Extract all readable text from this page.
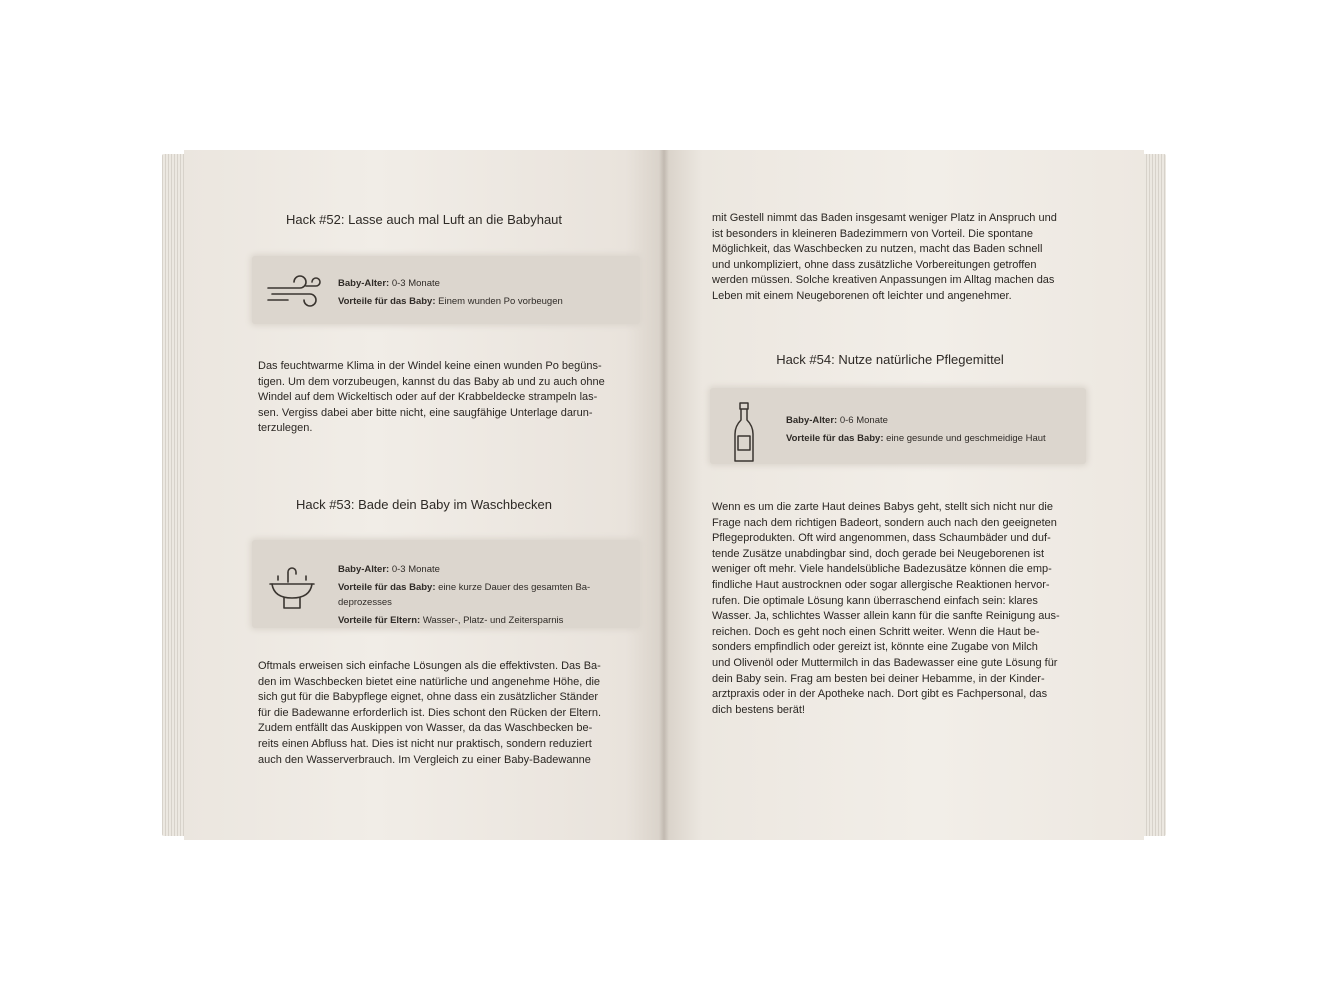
Hack #52: Lasse auch mal Luft an die Babyhaut
Baby-Alter: 0-3 Monate
Vorteile für das Baby: Einem wunden Po vorbeugen
Das feuchtwarme Klima in der Windel keine einen wunden Po begüns-
tigen. Um dem vorzubeugen, kannst du das Baby ab und zu auch ohne
Windel auf dem Wickeltisch oder auf der Krabbeldecke strampeln las-
sen. Vergiss dabei aber bitte nicht, eine saugfähige Unterlage darun-
terzulegen.
Hack #53: Bade dein Baby im Waschbecken
Baby-Alter: 0-3 Monate
Vorteile für das Baby: eine kurze Dauer des gesamten Ba-
deprozesses
Vorteile für Eltern: Wasser-, Platz- und Zeitersparnis
Oftmals erweisen sich einfache Lösungen als die effektivsten. Das Ba-
den im Waschbecken bietet eine natürliche und angenehme Höhe, die
sich gut für die Babypflege eignet, ohne dass ein zusätzlicher Ständer
für die Badewanne erforderlich ist. Dies schont den Rücken der Eltern.
Zudem entfällt das Auskippen von Wasser, da das Waschbecken be-
reits einen Abfluss hat. Dies ist nicht nur praktisch, sondern reduziert
auch den Wasserverbrauch. Im Vergleich zu einer Baby-Badewanne
mit Gestell nimmt das Baden insgesamt weniger Platz in Anspruch und
ist besonders in kleineren Badezimmern von Vorteil. Die spontane
Möglichkeit, das Waschbecken zu nutzen, macht das Baden schnell
und unkompliziert, ohne dass zusätzliche Vorbereitungen getroffen
werden müssen. Solche kreativen Anpassungen im Alltag machen das
Leben mit einem Neugeborenen oft leichter und angenehmer.
Hack #54: Nutze natürliche Pflegemittel
Baby-Alter: 0-6 Monate
Vorteile für das Baby: eine gesunde und geschmeidige Haut
Wenn es um die zarte Haut deines Babys geht, stellt sich nicht nur die
Frage nach dem richtigen Badeort, sondern auch nach den geeigneten
Pflegeprodukten. Oft wird angenommen, dass Schaumbäder und duf-
tende Zusätze unabdingbar sind, doch gerade bei Neugeborenen ist
weniger oft mehr. Viele handelsübliche Badezusätze können die emp-
findliche Haut austrocknen oder sogar allergische Reaktionen hervor-
rufen. Die optimale Lösung kann überraschend einfach sein: klares
Wasser. Ja, schlichtes Wasser allein kann für die sanfte Reinigung aus-
reichen. Doch es geht noch einen Schritt weiter. Wenn die Haut be-
sonders empfindlich oder gereizt ist, könnte eine Zugabe von Milch
und Olivenöl oder Muttermilch in das Badewasser eine gute Lösung für
dein Baby sein. Frag am besten bei deiner Hebamme, in der Kinder-
arztpraxis oder in der Apotheke nach. Dort gibt es Fachpersonal, das
dich bestens berät!
